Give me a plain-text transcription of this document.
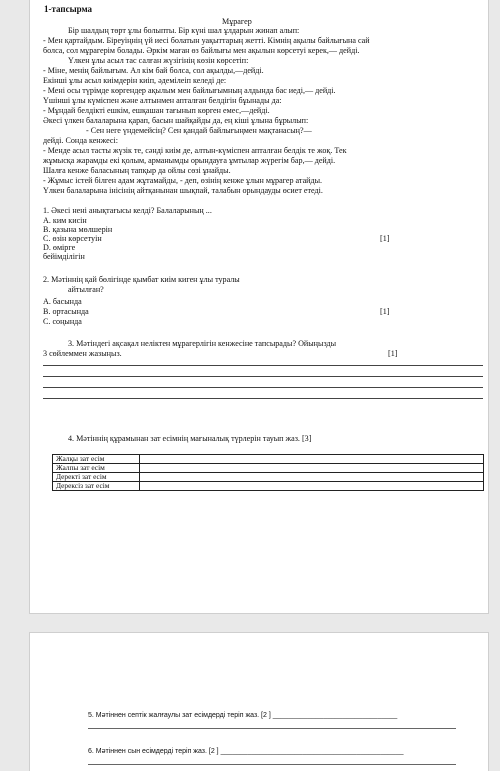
1-тапсырма
Мұрагер
Бір шалдың төрт ұлы болыпты. Бір күні шал ұлдарын жинап алып:
- Мен қартайдым. Біреуіңнің үй иесі болатын уақыттарың жетті. Кімнің ақылы байлығына сай
болса, сол мұрагерім болады. Әркім маған өз байлығы мен ақылын көрсетуі керек,— дейді.
Үлкен ұлы асыл тас салған жүзігінің көзін көрсетіп:
- Міне, менің байлығым. Ал кім бай болса, сол ақылды,—дейді.
Екінші ұлы асыл киімдерін киіп, әдемілеіп келеді де:
- Мені осы түрімде көргендер ақылым мен байлығымның алдында бас иеді,— дейді.
Үшінші ұлы күміспен және алтынмен апталған белдігін бұынады да:
- Мұндай белдікті ешкім, ешқашан тағынып көрген емес,—дейді.
Әкесі үлкен балаларына қарап, басын шайқайды да, ең кіші ұлына бұрылып:
- Сен неге үндемейсің? Сен қандай байлығыңмен мақтанасың?—
дейді. Сонда кенжесі:
- Менде асыл тасты жүзік те, сәнді киім де, алтын-күміспен апталған белдік те жоқ. Тек
жұмысқа жарамды екі қолым, арманымды орындауға ұмтылар жүрегім бар,— дейді.
Шалға кенже баласының тапқыр да ойлы сөзі ұнайды.
- Жұмыс істей білген адам жұтамайды, - деп, өзінің кенже ұлын мұрагер атайды.
Үлкен балаларына інісінің айтқанынан шықпай, талабын орындауды өсиет етеді.
1. Әкесі нені анықтағысы келді? Балаларының ...
A. ким кисін
B. қазына мөлшерін
C. өзін көрсетуін	[1]
D. өмірге
бейімділігін
2. Мәтіннің қай бөлігінде қымбат киім киген ұлы туралы
айтылған?
A. басында
B. ортасында	[1]
C. соңында
3. Мәтіндегі ақсақал неліктен мұрагерлігін кенжесіне тапсырады? Ойыңызды
3 сөйлеммен жазыңыз.	[1]
4. Мәтіннің құрамынан зат есімнің мағыналық түрлерін тауып жаз. [3]
Жалқы зат есім	
Жалпы зат есім	
Деректі зат есім	
Дерексіз зат есім	
5. Мәтіннен септік жалғаулы зат есімдерді теріп жаз. [2 ] ________________________________
6. Мәтіннен сын есімдерді теріп жаз. [2 ] _______________________________________________
